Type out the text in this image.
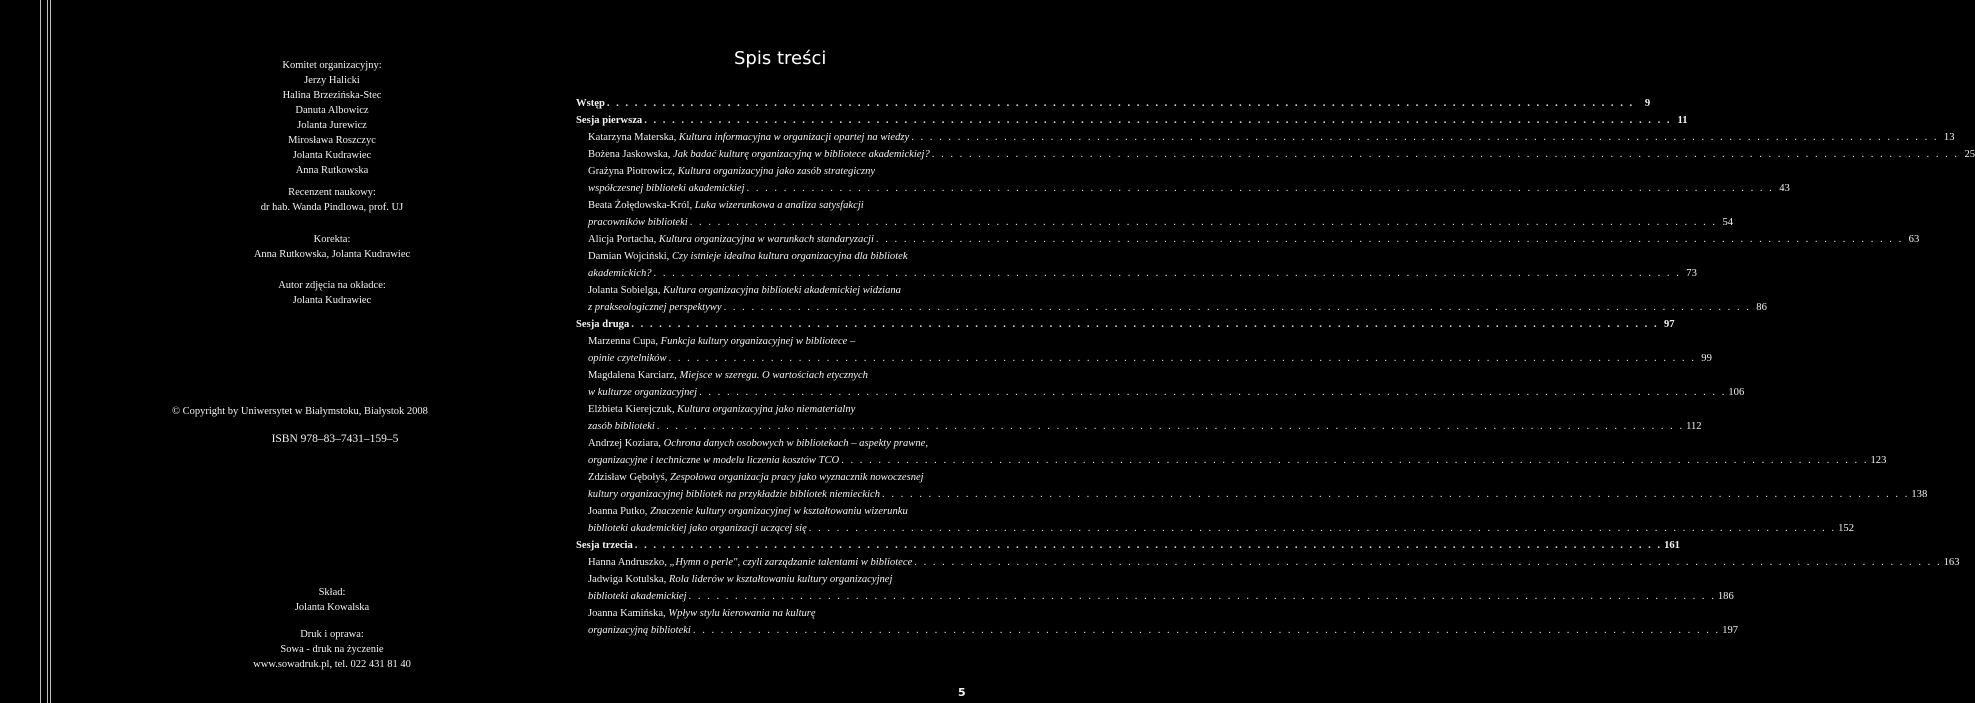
Komitet organizacyjny:
Jerzy Halicki
Halina Brzezińska-Stec
Danuta Albowicz
Jolanta Jurewicz
Mirosława Roszczyc
Jolanta Kudrawiec
Anna Rutkowska
Recenzent naukowy:
dr hab. Wanda Pindlowa, prof. UJ
Korekta:
Anna Rutkowska, Jolanta Kudrawiec
Autor zdjęcia na okładce:
Jolanta Kudrawiec
Skład:
Jolanta Kowalska
Druk i oprawa:
Sowa - druk na życzenie
www.sowadruk.pl, tel. 022 431 81 40
© Copyright by Uniwersytet w Białymstoku, Białystok 2008
ISBN 978–83–7431–159–5
Spis treści
Wstęp . . .	9
Sesja pierwsza . . .	11
Katarzyna Materska, Kultura informacyjna w organizacji opartej na wiedzy . . .	13
Bożena Jaskowska, Jak badać kulturę organizacyjną w bibliotece akademickiej? . . .	25
Grażyna Piotrowicz, Kultura organizacyjna jako zasób strategiczny
współczesnej biblioteki akademickiej . . .	43
Beata Żołędowska-Król, Luka wizerunkowa a analiza satysfakcji
pracowników biblioteki . . .	54
Alicja Portacha, Kultura organizacyjna w warunkach standaryzacji . . .	63
Damian Wojciński, Czy istnieje idealna kultura organizacyjna dla bibliotek
akademickich? . . .	73
Jolanta Sobielga, Kultura organizacyjna biblioteki akademickiej widziana
z prakseologicznej perspektywy . . .	86
Sesja druga . . .	97
Marzenna Cupa, Funkcja kultury organizacyjnej w bibliotece –
opinie czytelników . . .	99
Magdalena Karciarz, Miejsce w szeregu. O wartościach etycznych
w kulturze organizacyjnej . . .	106
Elżbieta Kierejczuk, Kultura organizacyjna jako niematerialny
zasób biblioteki . . .	112
Andrzej Koziara, Ochrona danych osobowych w bibliotekach – aspekty prawne,
organizacyjne i techniczne w modelu liczenia kosztów TCO . . .	123
Zdzisław Gębołyś, Zespołowa organizacja pracy jako wyznacznik nowoczesnej
kultury organizacyjnej bibliotek na przykładzie bibliotek niemieckich . . .	138
Joanna Putko, Znaczenie kultury organizacyjnej w kształtowaniu wizerunku
biblioteki akademickiej jako organizacji uczącej się . . .	152
Sesja trzecia . . .	161
Hanna Andruszko, „Hymn o perle", czyli zarządzanie talentami w bibliotece . . .	163
Jadwiga Kotulska, Rola liderów w kształtowaniu kultury organizacyjnej
biblioteki akademickiej . . .	186
Joanna Kamińska, Wpływ stylu kierowania na kulturę
organizacyjną biblioteki . . .	197
5
